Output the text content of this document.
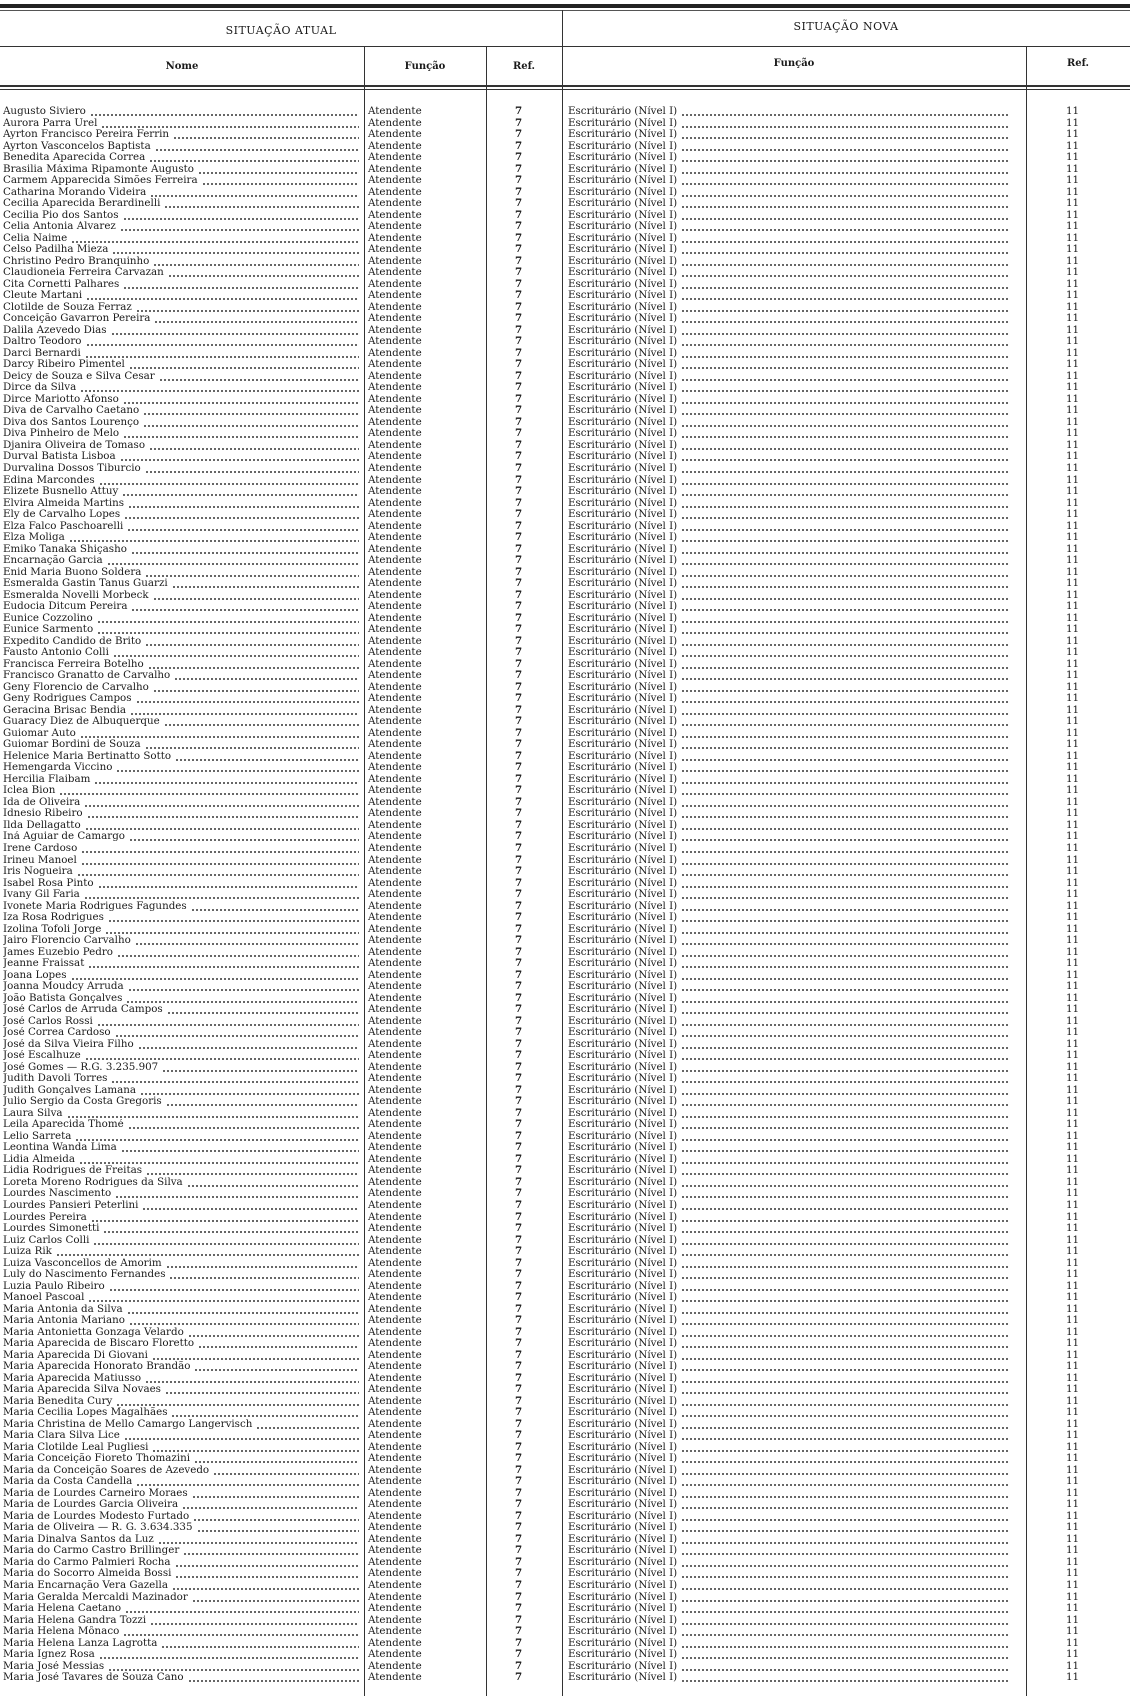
SITUAÇÃO ATUAL	SITUAÇÃO NOVA
Nome	Função	Ref.	Função	Ref.
Augusto Siviero	Atendente	7	Escriturário (Nível I)	11
Aurora Parra Urel	Atendente	7	Escriturário (Nível I)	11
Ayrton Francisco Pereira Ferrin	Atendente	7	Escriturário (Nível I)	11
Ayrton Vasconcelos Baptista	Atendente	7	Escriturário (Nível I)	11
Benedita Aparecida Correa	Atendente	7	Escriturário (Nível I)	11
Brasilia Máxima Ripamonte Augusto	Atendente	7	Escriturário (Nível I)	11
Carmem Apparecida Simões Ferreira	Atendente	7	Escriturário (Nível I)	11
Catharina Morando Videira	Atendente	7	Escriturário (Nível I)	11
Cecilia Aparecida Berardinelli	Atendente	7	Escriturário (Nível I)	11
Cecilia Pio dos Santos	Atendente	7	Escriturário (Nível I)	11
Celia Antonia Alvarez	Atendente	7	Escriturário (Nível I)	11
Celia Naime	Atendente	7	Escriturário (Nível I)	11
Celso Padilha Mieza	Atendente	7	Escriturário (Nível I)	11
Christino Pedro Branquinho	Atendente	7	Escriturário (Nível I)	11
Claudioneia Ferreira Carvazan	Atendente	7	Escriturário (Nível I)	11
Cita Cornetti Palhares	Atendente	7	Escriturário (Nível I)	11
Cleute Martani	Atendente	7	Escriturário (Nível I)	11
Clotilde de Souza Ferraz	Atendente	7	Escriturário (Nível I)	11
Conceição Gavarron Pereira	Atendente	7	Escriturário (Nível I)	11
Dalila Azevedo Dias	Atendente	7	Escriturário (Nível I)	11
Daltro Teodoro	Atendente	7	Escriturário (Nível I)	11
Darci Bernardi	Atendente	7	Escriturário (Nível I)	11
Darcy Ribeiro Pimentel	Atendente	7	Escriturário (Nível I)	11
Deicy de Souza e Silva Cesar	Atendente	7	Escriturário (Nível I)	11
Dirce da Silva	Atendente	7	Escriturário (Nível I)	11
Dirce Mariotto Afonso	Atendente	7	Escriturário (Nível I)	11
Diva de Carvalho Caetano	Atendente	7	Escriturário (Nível I)	11
Diva dos Santos Lourenço	Atendente	7	Escriturário (Nível I)	11
Diva Pinheiro de Melo	Atendente	7	Escriturário (Nível I)	11
Djanira Oliveira de Tomaso	Atendente	7	Escriturário (Nível I)	11
Durval Batista Lisboa	Atendente	7	Escriturário (Nível I)	11
Durvalina Dossos Tiburcio	Atendente	7	Escriturário (Nível I)	11
Edina Marcondes	Atendente	7	Escriturário (Nível I)	11
Elizete Busnello Attuy	Atendente	7	Escriturário (Nível I)	11
Elvira Almeida Martins	Atendente	7	Escriturário (Nível I)	11
Ely de Carvalho Lopes	Atendente	7	Escriturário (Nível I)	11
Elza Falco Paschoarelli	Atendente	7	Escriturário (Nível I)	11
Elza Moliga	Atendente	7	Escriturário (Nível I)	11
Emiko Tanaka Shiçasho	Atendente	7	Escriturário (Nível I)	11
Encarnação Garcia	Atendente	7	Escriturário (Nível I)	11
Enid Maria Buono Soldera	Atendente	7	Escriturário (Nível I)	11
Esmeralda Gastin Tanus Guarzi	Atendente	7	Escriturário (Nível I)	11
Esmeralda Novelli Morbeck	Atendente	7	Escriturário (Nível I)	11
Eudocia Ditcum Pereira	Atendente	7	Escriturário (Nível I)	11
Eunice Cozzolino	Atendente	7	Escriturário (Nível I)	11
Eunice Sarmento	Atendente	7	Escriturário (Nível I)	11
Expedito Candido de Brito	Atendente	7	Escriturário (Nível I)	11
Fausto Antonio Colli	Atendente	7	Escriturário (Nível I)	11
Francisca Ferreira Botelho	Atendente	7	Escriturário (Nível I)	11
Francisco Granatto de Carvalho	Atendente	7	Escriturário (Nível I)	11
Geny Florencio de Carvalho	Atendente	7	Escriturário (Nível I)	11
Geny Rodrigues Campos	Atendente	7	Escriturário (Nível I)	11
Geracina Brisac Bendia	Atendente	7	Escriturário (Nível I)	11
Guaracy Diez de Albuquerque	Atendente	7	Escriturário (Nível I)	11
Guiomar Auto	Atendente	7	Escriturário (Nível I)	11
Guiomar Bordini de Souza	Atendente	7	Escriturário (Nível I)	11
Helenice Maria Bertinatto Sotto	Atendente	7	Escriturário (Nível I)	11
Hemengarda Viccino	Atendente	7	Escriturário (Nível I)	11
Hercilia Flaibam	Atendente	7	Escriturário (Nível I)	11
Iclea Bion	Atendente	7	Escriturário (Nível I)	11
Ida de Oliveira	Atendente	7	Escriturário (Nível I)	11
Idnesio Ribeiro	Atendente	7	Escriturário (Nível I)	11
Ilda Dellagatto	Atendente	7	Escriturário (Nível I)	11
Iná Aguiar de Camargo	Atendente	7	Escriturário (Nível I)	11
Irene Cardoso	Atendente	7	Escriturário (Nível I)	11
Irineu Manoel	Atendente	7	Escriturário (Nível I)	11
Iris Nogueira	Atendente	7	Escriturário (Nível I)	11
Isabel Rosa Pinto	Atendente	7	Escriturário (Nível I)	11
Ivany Gil Faria	Atendente	7	Escriturário (Nível I)	11
Ivonete Maria Rodrigues Fagundes	Atendente	7	Escriturário (Nível I)	11
Iza Rosa Rodrigues	Atendente	7	Escriturário (Nível I)	11
Izolina Tofoli Jorge	Atendente	7	Escriturário (Nível I)	11
Jairo Florencio Carvalho	Atendente	7	Escriturário (Nível I)	11
James Euzebio Pedro	Atendente	7	Escriturário (Nível I)	11
Jeanne Fraissat	Atendente	7	Escriturário (Nível I)	11
Joana Lopes	Atendente	7	Escriturário (Nível I)	11
Joanna Moudcy Arruda	Atendente	7	Escriturário (Nível I)	11
João Batista Gonçalves	Atendente	7	Escriturário (Nível I)	11
José Carlos de Arruda Campos	Atendente	7	Escriturário (Nível I)	11
José Carlos Rossi	Atendente	7	Escriturário (Nível I)	11
José Correa Cardoso	Atendente	7	Escriturário (Nível I)	11
José da Silva Vieira Filho	Atendente	7	Escriturário (Nível I)	11
José Escalhuze	Atendente	7	Escriturário (Nível I)	11
José Gomes — R.G. 3.235.907	Atendente	7	Escriturário (Nível I)	11
Judith Davoli Torres	Atendente	7	Escriturário (Nível I)	11
Judith Gonçalves Lamana	Atendente	7	Escriturário (Nível I)	11
Julio Sergio da Costa Gregoris	Atendente	7	Escriturário (Nível I)	11
Laura Silva	Atendente	7	Escriturário (Nível I)	11
Leila Aparecida Thomé	Atendente	7	Escriturário (Nível I)	11
Lelio Sarreta	Atendente	7	Escriturário (Nível I)	11
Leontina Wanda Lima	Atendente	7	Escriturário (Nível I)	11
Lidia Almeida	Atendente	7	Escriturário (Nível I)	11
Lidia Rodrigues de Freitas	Atendente	7	Escriturário (Nível I)	11
Loreta Moreno Rodrigues da Silva	Atendente	7	Escriturário (Nível I)	11
Lourdes Nascimento	Atendente	7	Escriturário (Nível I)	11
Lourdes Pansieri Peterlini	Atendente	7	Escriturário (Nível I)	11
Lourdes Pereira	Atendente	7	Escriturário (Nível I)	11
Lourdes Simonetti	Atendente	7	Escriturário (Nível I)	11
Luiz Carlos Colli	Atendente	7	Escriturário (Nível I)	11
Luiza Rik	Atendente	7	Escriturário (Nível I)	11
Luiza Vasconcellos de Amorim	Atendente	7	Escriturário (Nível I)	11
Luly do Nascimento Fernandes	Atendente	7	Escriturário (Nível I)	11
Luzia Paulo Ribeiro	Atendente	7	Escriturário (Nível I)	11
Manoel Pascoal	Atendente	7	Escriturário (Nível I)	11
Maria Antonia da Silva	Atendente	7	Escriturário (Nível I)	11
Maria Antonia Mariano	Atendente	7	Escriturário (Nível I)	11
Maria Antonietta Gonzaga Velardo	Atendente	7	Escriturário (Nível I)	11
Maria Aparecida de Biscaro Floretto	Atendente	7	Escriturário (Nível I)	11
Maria Aparecida Di Giovani	Atendente	7	Escriturário (Nível I)	11
Maria Aparecida Honorato Brandão	Atendente	7	Escriturário (Nível I)	11
Maria Aparecida Matiusso	Atendente	7	Escriturário (Nível I)	11
Maria Aparecida Silva Novaes	Atendente	7	Escriturário (Nível I)	11
Maria Benedita Cury	Atendente	7	Escriturário (Nível I)	11
Maria Cecilia Lopes Magalhães	Atendente	7	Escriturário (Nível I)	11
Maria Christina de Mello Camargo Langervisch	Atendente	7	Escriturário (Nível I)	11
Maria Clara Silva Lice	Atendente	7	Escriturário (Nível I)	11
Maria Clotilde Leal Pugliesi	Atendente	7	Escriturário (Nível I)	11
Maria Conceição Fioreto Thomazini	Atendente	7	Escriturário (Nível I)	11
Maria da Conceição Soares de Azevedo	Atendente	7	Escriturário (Nível I)	11
Maria da Costa Candella	Atendente	7	Escriturário (Nível I)	11
Maria de Lourdes Carneiro Moraes	Atendente	7	Escriturário (Nível I)	11
Maria de Lourdes Garcia Oliveira	Atendente	7	Escriturário (Nível I)	11
Maria de Lourdes Modesto Furtado	Atendente	7	Escriturário (Nível I)	11
Maria de Oliveira — R. G. 3.634.335	Atendente	7	Escriturário (Nível I)	11
Maria Dinalva Santos da Luz	Atendente	7	Escriturário (Nível I)	11
Maria do Carmo Castro Brillinger	Atendente	7	Escriturário (Nível I)	11
Maria do Carmo Palmieri Rocha	Atendente	7	Escriturário (Nível I)	11
Maria do Socorro Almeida Bossi	Atendente	7	Escriturário (Nível I)	11
Maria Encarnação Vera Gazella	Atendente	7	Escriturário (Nível I)	11
Maria Geralda Mercaldi Mazinador	Atendente	7	Escriturário (Nível I)	11
Maria Helena Caetano	Atendente	7	Escriturário (Nível I)	11
Maria Helena Gandra Tozzi	Atendente	7	Escriturário (Nível I)	11
Maria Helena Mônaco	Atendente	7	Escriturário (Nível I)	11
Maria Helena Lanza Lagrotta	Atendente	7	Escriturário (Nível I)	11
Maria Ignez Rosa	Atendente	7	Escriturário (Nível I)	11
Maria José Messias	Atendente	7	Escriturário (Nível I)	11
Maria José Tavares de Souza Cano	Atendente	7	Escriturário (Nível I)	11
